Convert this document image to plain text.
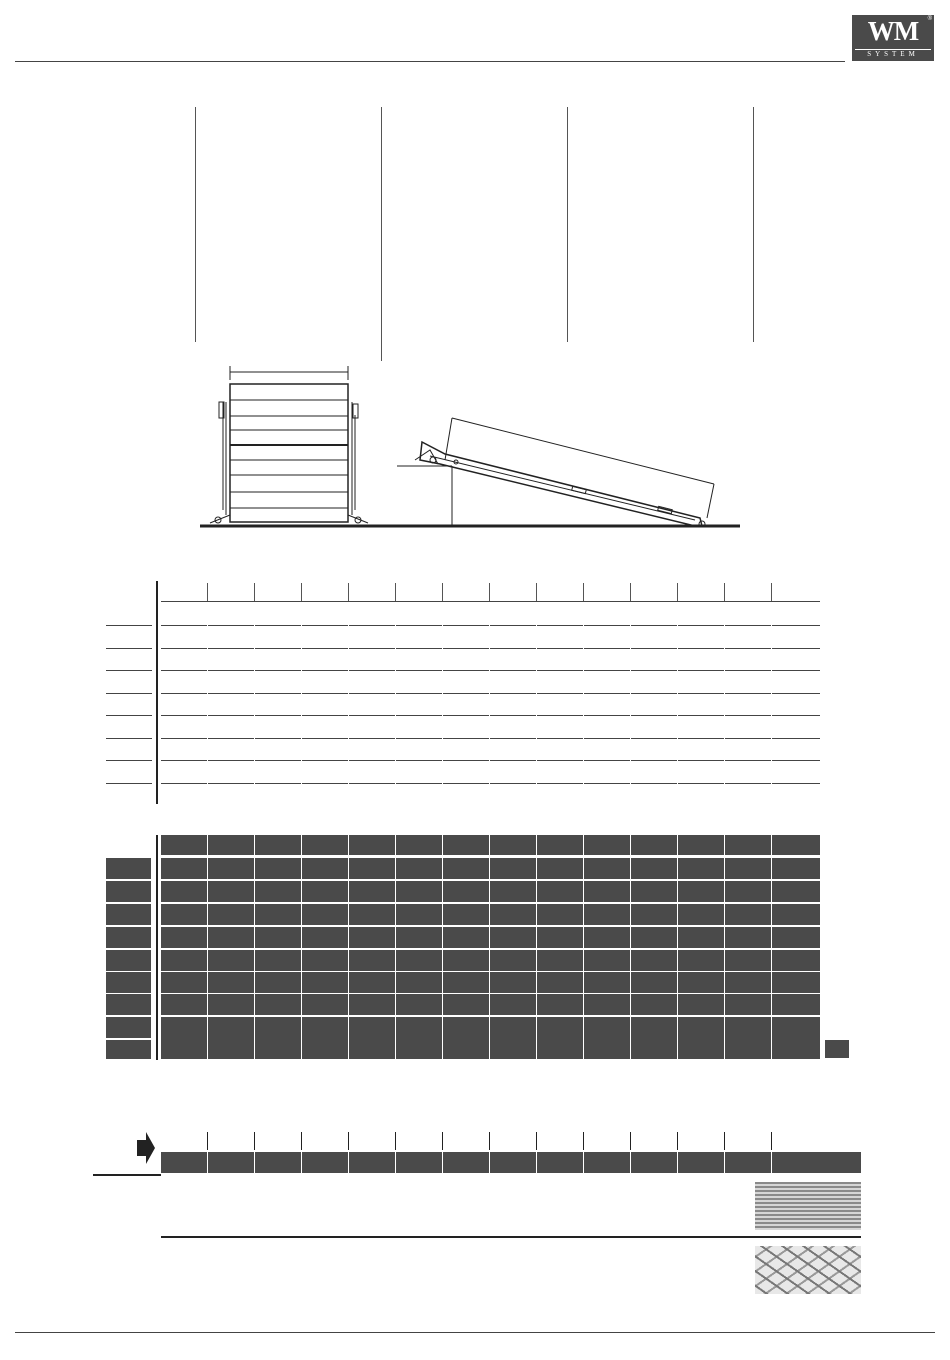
WM	®
SYSTEM
